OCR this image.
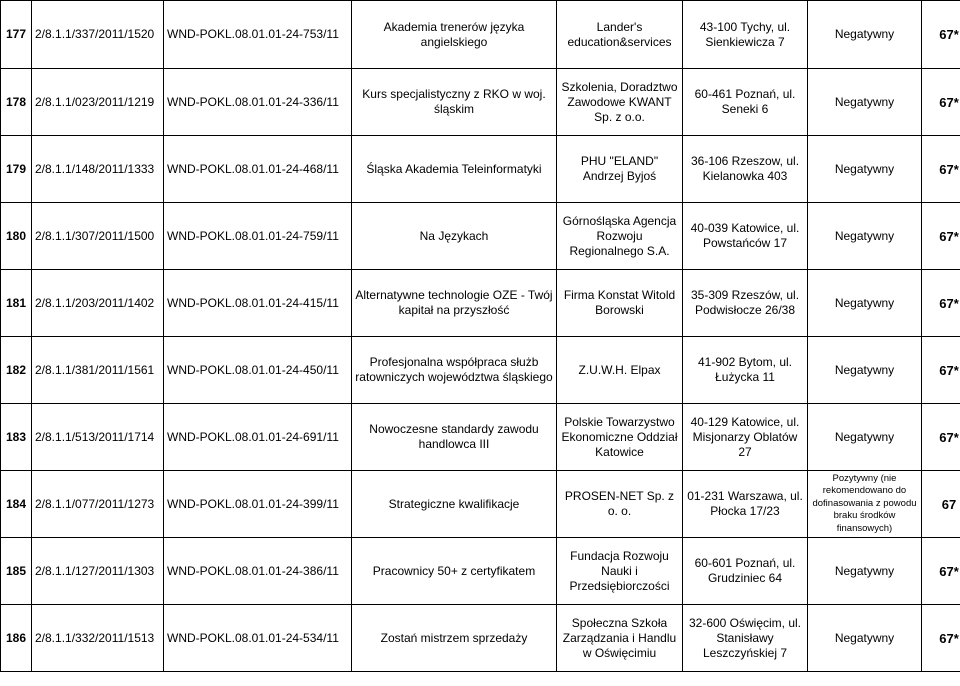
177	2/8.1.1/337/2011/1520	WND-POKL.08.01.01-24-753/11	Akademia trenerów języka angielskiego	Lander's education&services	43-100 Tychy, ul. Sienkiewicza 7	Negatywny	67*
178	2/8.1.1/023/2011/1219	WND-POKL.08.01.01-24-336/11	Kurs specjalistyczny z RKO w woj. śląskim	Szkolenia, Doradztwo Zawodowe KWANT Sp. z o.o.	60-461 Poznań, ul. Seneki 6	Negatywny	67*
179	2/8.1.1/148/2011/1333	WND-POKL.08.01.01-24-468/11	Śląska Akademia Teleinformatyki	PHU "ELAND" Andrzej Byjoś	36-106 Rzeszow, ul. Kielanowka 403	Negatywny	67*
180	2/8.1.1/307/2011/1500	WND-POKL.08.01.01-24-759/11	Na Językach	Górnośląska Agencja Rozwoju Regionalnego S.A.	40-039 Katowice, ul. Powstańców 17	Negatywny	67*
181	2/8.1.1/203/2011/1402	WND-POKL.08.01.01-24-415/11	Alternatywne technologie OZE - Twój kapitał na przyszłość	Firma Konstat Witold Borowski	35-309 Rzeszów, ul. Podwisłocze 26/38	Negatywny	67*
182	2/8.1.1/381/2011/1561	WND-POKL.08.01.01-24-450/11	Profesjonalna współpraca służb ratowniczych województwa śląskiego	Z.U.W.H. Elpax	41-902 Bytom, ul. Łużycka 11	Negatywny	67*
183	2/8.1.1/513/2011/1714	WND-POKL.08.01.01-24-691/11	Nowoczesne standardy zawodu handlowca III	Polskie Towarzystwo Ekonomiczne Oddział Katowice	40-129 Katowice, ul. Misjonarzy Oblatów 27	Negatywny	67*
184	2/8.1.1/077/2011/1273	WND-POKL.08.01.01-24-399/11	Strategiczne kwalifikacje	PROSEN-NET Sp. z o. o.	01-231 Warszawa, ul. Płocka 17/23	Pozytywny (nie rekomendowano do dofinasowania z powodu braku środków finansowych)	67
185	2/8.1.1/127/2011/1303	WND-POKL.08.01.01-24-386/11	Pracownicy 50+ z certyfikatem	Fundacja Rozwoju Nauki i Przedsiębiorczości	60-601 Poznań, ul. Grudziniec 64	Negatywny	67*
186	2/8.1.1/332/2011/1513	WND-POKL.08.01.01-24-534/11	Zostań mistrzem sprzedaży	Społeczna Szkoła Zarządzania i Handlu w Oświęcimiu	32-600 Oświęcim, ul. Stanisławy Leszczyńskiej 7	Negatywny	67*
